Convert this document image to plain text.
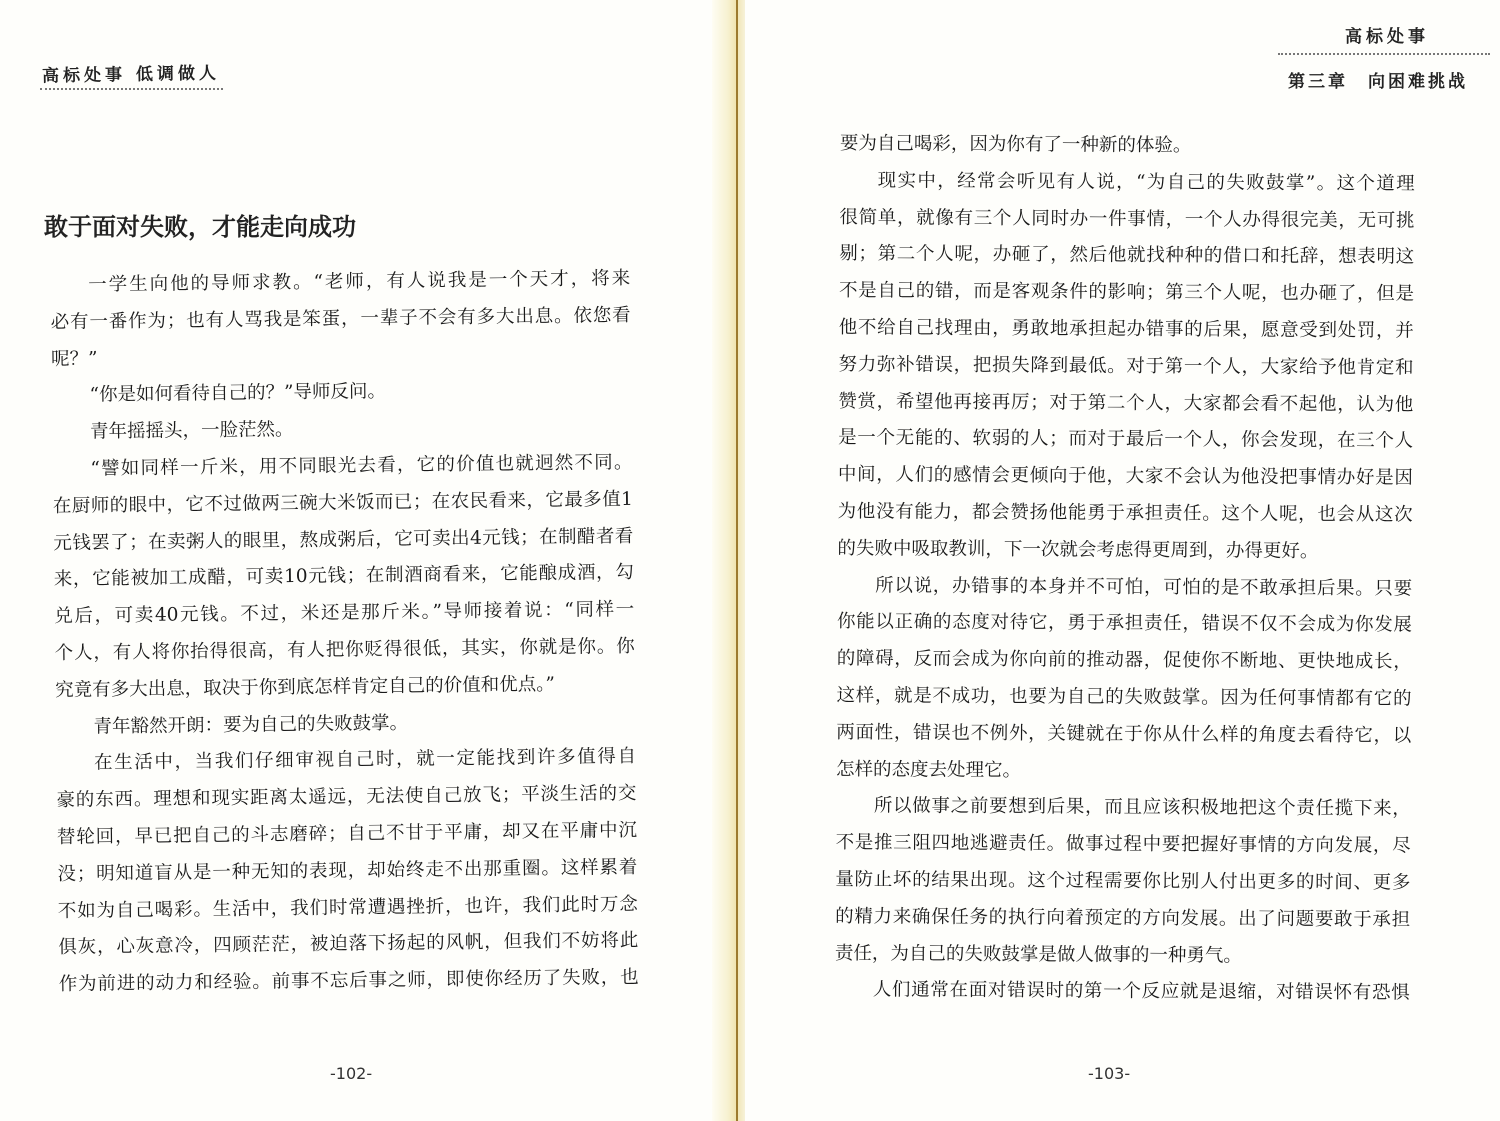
高标处事 低调做人
敢于面对失败，才能走向成功
一学生向他的导师求教。“老师，有人说我是一个天才，将来
必有一番作为；也有人骂我是笨蛋，一辈子不会有多大出息。依您看
呢？”
“你是如何看待自己的？”导师反问。
青年摇摇头，一脸茫然。
“譬如同样一斤米，用不同眼光去看，它的价值也就迥然不同。
在厨师的眼中，它不过做两三碗大米饭而已；在农民看来，它最多值1
元钱罢了；在卖粥人的眼里，熬成粥后，它可卖出4元钱；在制醋者看
来，它能被加工成醋，可卖10元钱；在制酒商看来，它能酿成酒，勾
兑后，可卖40元钱。不过，米还是那斤米。”导师接着说：“同样一
个人，有人将你抬得很高，有人把你贬得很低，其实，你就是你。你
究竟有多大出息，取决于你到底怎样肯定自己的价值和优点。”
青年豁然开朗：要为自己的失败鼓掌。
在生活中，当我们仔细审视自己时，就一定能找到许多值得自
豪的东西。理想和现实距离太遥远，无法使自己放飞；平淡生活的交
替轮回，早已把自己的斗志磨碎；自己不甘于平庸，却又在平庸中沉
没；明知道盲从是一种无知的表现，却始终走不出那重圈。这样累着
不如为自己喝彩。生活中，我们时常遭遇挫折，也许，我们此时万念
俱灰，心灰意冷，四顾茫茫，被迫落下扬起的风帆，但我们不妨将此
作为前进的动力和经验。前事不忘后事之师，即使你经历了失败，也
-102-
高标处事
第三章　向困难挑战
要为自己喝彩，因为你有了一种新的体验。
现实中，经常会听见有人说，“为自己的失败鼓掌”。这个道理
很简单，就像有三个人同时办一件事情，一个人办得很完美，无可挑
剔；第二个人呢，办砸了，然后他就找种种的借口和托辞，想表明这
不是自己的错，而是客观条件的影响；第三个人呢，也办砸了，但是
他不给自己找理由，勇敢地承担起办错事的后果，愿意受到处罚，并
努力弥补错误，把损失降到最低。对于第一个人，大家给予他肯定和
赞赏，希望他再接再厉；对于第二个人，大家都会看不起他，认为他
是一个无能的、软弱的人；而对于最后一个人，你会发现，在三个人
中间，人们的感情会更倾向于他，大家不会认为他没把事情办好是因
为他没有能力，都会赞扬他能勇于承担责任。这个人呢，也会从这次
的失败中吸取教训，下一次就会考虑得更周到，办得更好。
所以说，办错事的本身并不可怕，可怕的是不敢承担后果。只要
你能以正确的态度对待它，勇于承担责任，错误不仅不会成为你发展
的障碍，反而会成为你向前的推动器，促使你不断地、更快地成长，
这样，就是不成功，也要为自己的失败鼓掌。因为任何事情都有它的
两面性，错误也不例外，关键就在于你从什么样的角度去看待它，以
怎样的态度去处理它。
所以做事之前要想到后果，而且应该积极地把这个责任揽下来，
不是推三阻四地逃避责任。做事过程中要把握好事情的方向发展，尽
量防止坏的结果出现。这个过程需要你比别人付出更多的时间、更多
的精力来确保任务的执行向着预定的方向发展。出了问题要敢于承担
责任，为自己的失败鼓掌是做人做事的一种勇气。
人们通常在面对错误时的第一个反应就是退缩，对错误怀有恐惧
-103-
